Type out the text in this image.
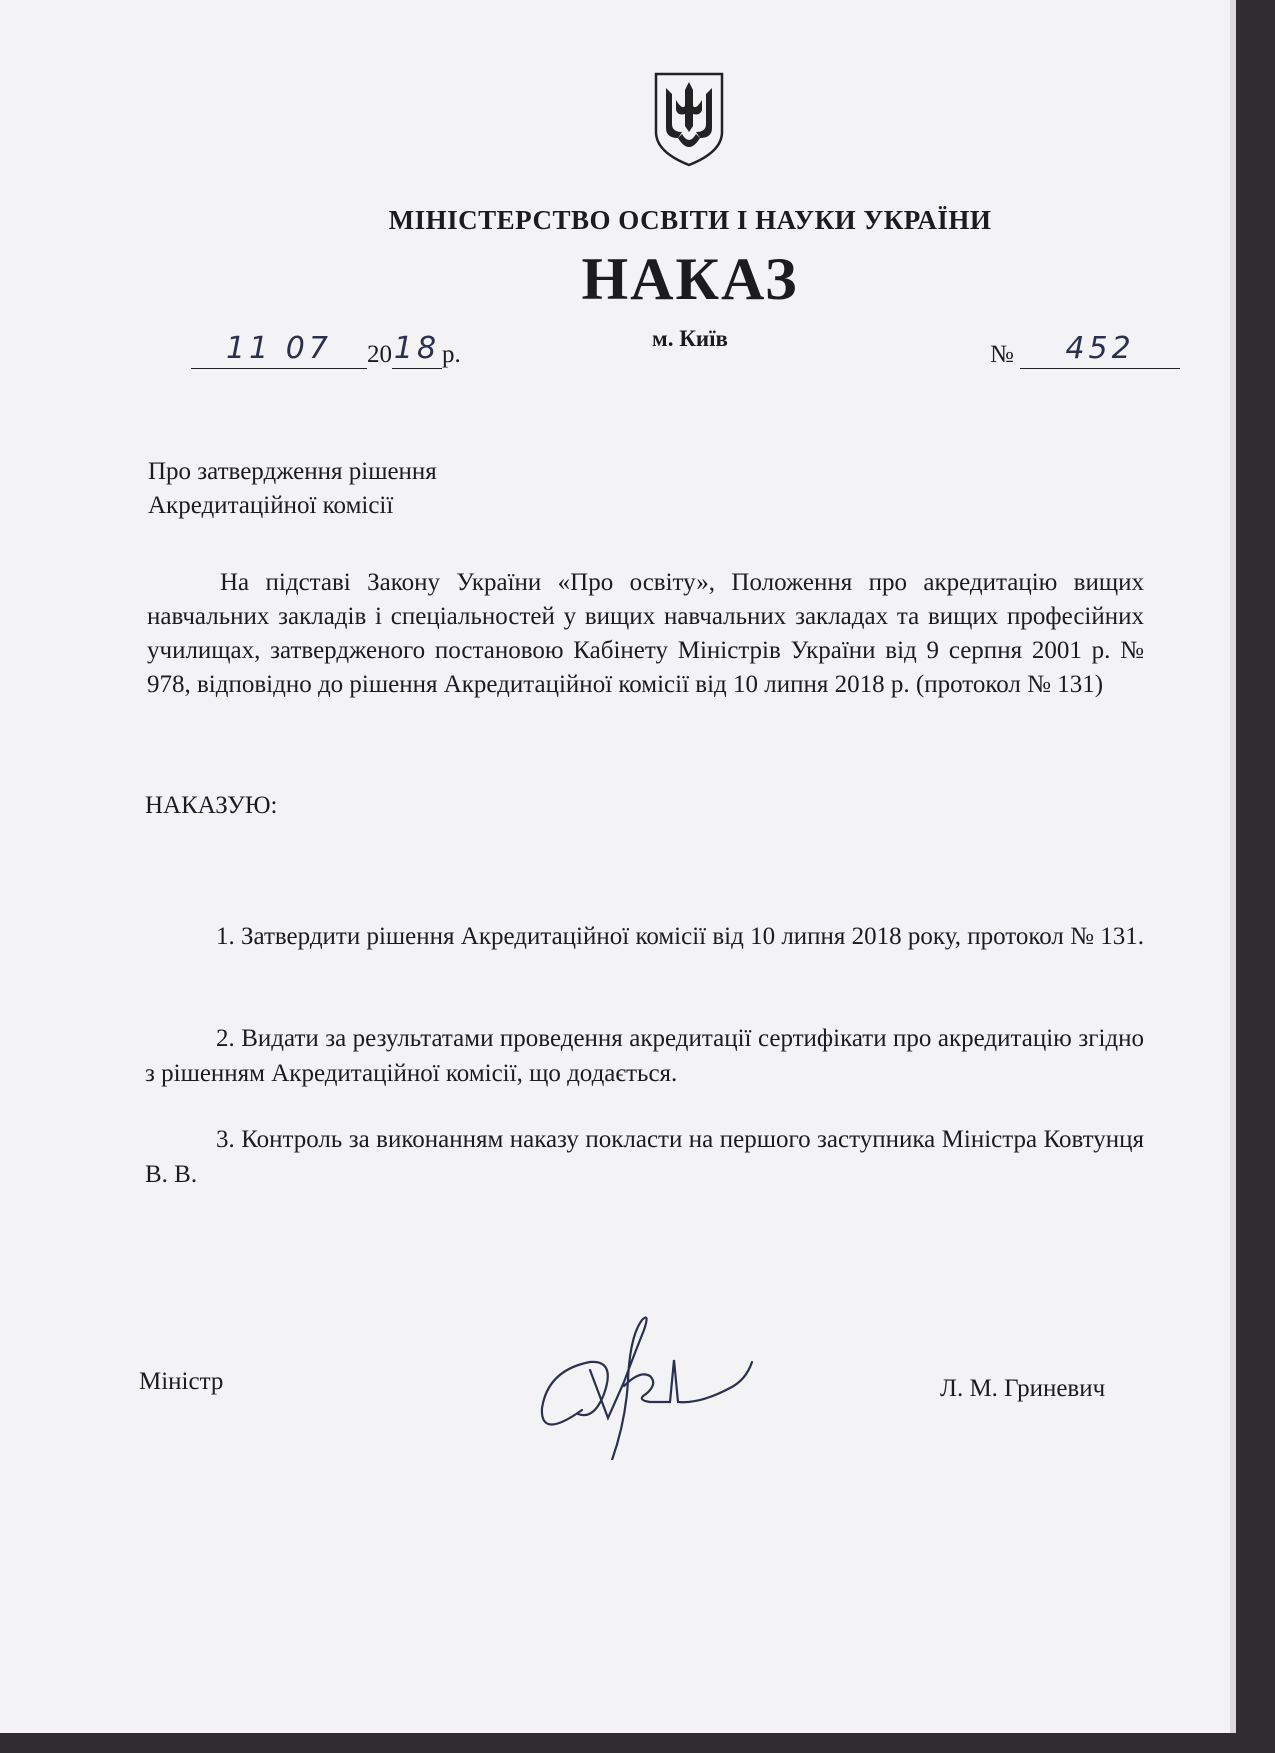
МІНІСТЕРСТВО ОСВІТИ І НАУКИ УКРАЇНИ
НАКАЗ
м. Київ
11 07	20 18 р.	№	452
Про затвердження рішення
Акредитаційної комісії
На підставі Закону України «Про освіту», Положення про акредитацію вищих навчальних закладів і спеціальностей у вищих навчальних закладах та вищих професійних училищах, затвердженого постановою Кабінету Міністрів України від 9 серпня 2001 р. № 978, відповідно до рішення Акредитаційної комісії від 10 липня 2018 р. (протокол № 131)
НАКАЗУЮ:
1. Затвердити рішення Акредитаційної комісії від 10 липня 2018 року, протокол № 131.
2. Видати за результатами проведення акредитації сертифікати про акредитацію згідно з рішенням Акредитаційної комісії, що додається.
3. Контроль за виконанням наказу покласти на першого заступника Міністра Ковтунця В. В.
Міністр	Л. М. Гриневич
